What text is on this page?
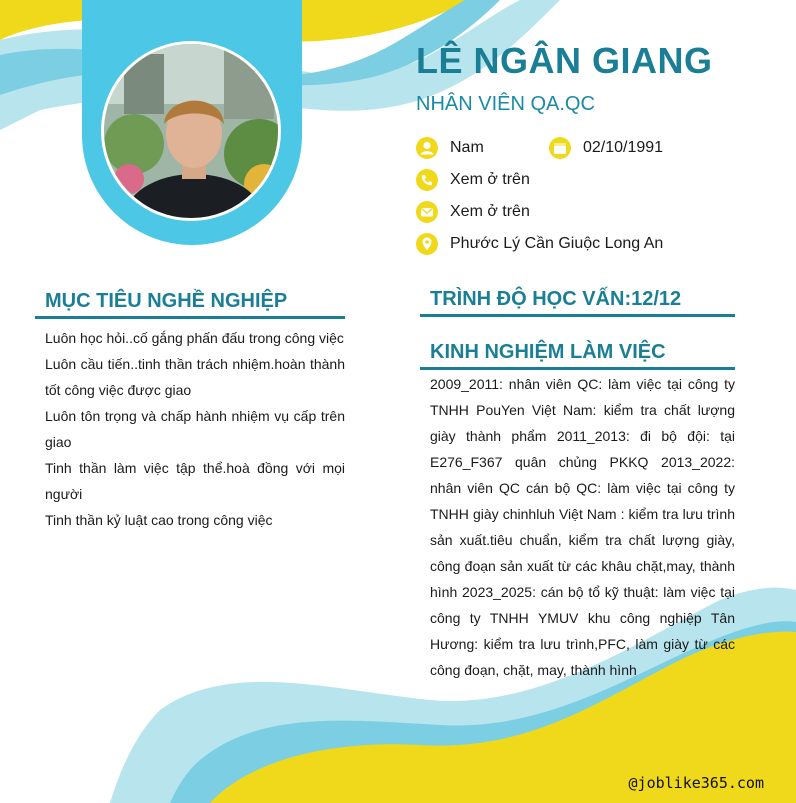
LÊ NGÂN GIANG
NHÂN VIÊN QA.QC
Nam	02/10/1991
Xem ở trên
Xem ở trên
Phước Lý Cần Giuộc Long An
MỤC TIÊU NGHỀ NGHIỆP
Luôn học hỏi..cố gắng phấn đấu trong công việc
Luôn cầu tiến..tinh thần trách nhiệm.hoàn thành tốt công việc được giao
Luôn tôn trọng và chấp hành nhiệm vụ cấp trên giao
Tinh thần làm việc tập thể.hoà đồng với mọi người
Tinh thần kỷ luật cao trong công việc
TRÌNH ĐỘ HỌC VẤN:12/12
KINH NGHIỆM LÀM VIỆC

2009_2011: nhân viên QC: làm việc tại công ty TNHH PouYen Việt Nam: kiểm tra chất lượng giày thành phẩm 2011_2013: đi bộ đội: tại E276_F367 quân chủng PKKQ 2013_2022: nhân viên QC cán bộ QC: làm việc tại công ty TNHH giày chinhluh Việt Nam : kiểm tra lưu trình sản xuất.tiêu chuẩn, kiểm tra chất lượng giày, công đoạn sản xuất từ các khâu chặt,may, thành hình 2023_2025: cán bộ tổ kỹ thuật: làm việc tại công ty TNHH YMUV khu công nghiệp Tân Hương: kiểm tra lưu trình,PFC, làm giày từ các công đoạn, chặt, may, thành hình

@joblike365.com
